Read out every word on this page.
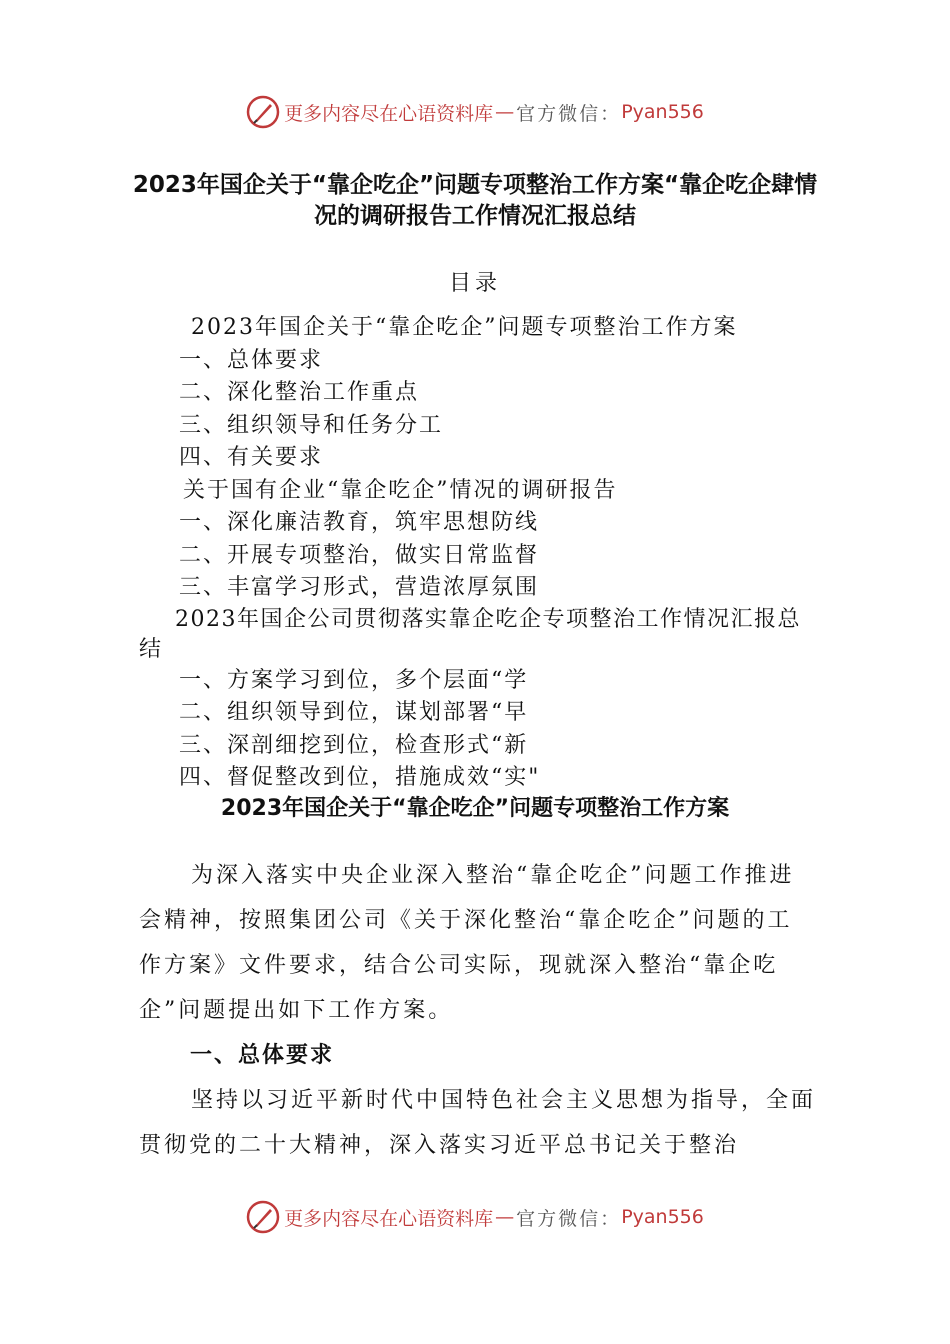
更多内容尽在心语资料库 — 官方微信： Pyan556
2023年国企关于“靠企吃企”问题专项整治工作方案“靠企吃企肆情况的调研报告工作情况汇报总结
目录
2023年国企关于“靠企吃企”问题专项整治工作方案
一、总体要求
二、深化整治工作重点
三、组织领导和任务分工
四、有关要求
关于国有企业“靠企吃企”情况的调研报告
一、深化廉洁教育，筑牢思想防线
二、开展专项整治，做实日常监督
三、丰富学习形式，营造浓厚氛围
2023年国企公司贯彻落实靠企吃企专项整治工作情况汇报总结
一、方案学习到位，多个层面“学
二、组织领导到位，谋划部署“早
三、深剖细挖到位，检查形式“新
四、督促整改到位，措施成效“实"
2023年国企关于“靠企吃企”问题专项整治工作方案
为深入落实中央企业深入整治“靠企吃企”问题工作推进会精神，按照集团公司《关于深化整治“靠企吃企”问题的工作方案》文件要求，结合公司实际，现就深入整治“靠企吃企”问题提出如下工作方案。
一、总体要求
坚持以习近平新时代中国特色社会主义思想为指导，全面贯彻党的二十大精神，深入落实习近平总书记关于整治
更多内容尽在心语资料库 — 官方微信： Pyan556
